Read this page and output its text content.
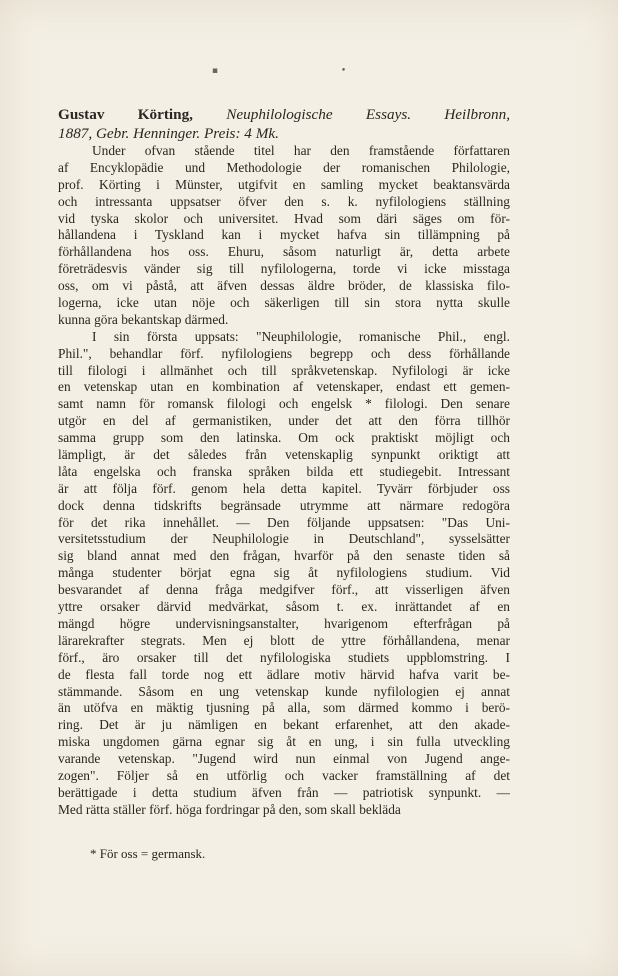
▪ •
Gustav Körting, Neuphilologische Essays. Heilbronn,
1887, Gebr. Henninger. Preis: 4 Mk.
Under ofvan stående titel har den framstående författaren
af Encyklopädie und Methodologie der romanischen Philologie,
prof. Körting i Münster, utgifvit en samling mycket beaktansvärda
och intressanta uppsatser öfver den s. k. nyfilologiens ställning
vid tyska skolor och universitet. Hvad som däri säges om för-
hållandena i Tyskland kan i mycket hafva sin tillämpning på
förhållandena hos oss. Ehuru, såsom naturligt är, detta arbete
företrädesvis vänder sig till nyfilologerna, torde vi icke misstaga
oss, om vi påstå, att äfven dessas äldre bröder, de klassiska filo-
logerna, icke utan nöje och säkerligen till sin stora nytta skulle
kunna göra bekantskap därmed.
I sin första uppsats: "Neuphilologie, romanische Phil., engl.
Phil.", behandlar förf. nyfilologiens begrepp och dess förhållande
till filologi i allmänhet och till språkvetenskap. Nyfilologi är icke
en vetenskap utan en kombination af vetenskaper, endast ett gemen-
samt namn för romansk filologi och engelsk * filologi. Den senare
utgör en del af germanistiken, under det att den förra tillhör
samma grupp som den latinska. Om ock praktiskt möjligt och
lämpligt, är det således från vetenskaplig synpunkt oriktigt att
låta engelska och franska språken bilda ett studiegebit. Intressant
är att följa förf. genom hela detta kapitel. Tyvärr förbjuder oss
dock denna tidskrifts begränsade utrymme att närmare redogöra
för det rika innehållet. — Den följande uppsatsen: "Das Uni-
versitetsstudium der Neuphilologie in Deutschland", sysselsätter
sig bland annat med den frågan, hvarför på den senaste tiden så
många studenter börjat egna sig åt nyfilologiens studium. Vid
besvarandet af denna fråga medgifver förf., att visserligen äfven
yttre orsaker därvid medvärkat, såsom t. ex. inrättandet af en
mängd högre undervisningsanstalter, hvarigenom efterfrågan på
lärarekrafter stegrats. Men ej blott de yttre förhållandena, menar
förf., äro orsaker till det nyfilologiska studiets uppblomstring. I
de flesta fall torde nog ett ädlare motiv härvid hafva varit be-
stämmande. Såsom en ung vetenskap kunde nyfilologien ej annat
än utöfva en mäktig tjusning på alla, som därmed kommo i berö-
ring. Det är ju nämligen en bekant erfarenhet, att den akade-
miska ungdomen gärna egnar sig åt en ung, i sin fulla utveckling
varande vetenskap. "Jugend wird nun einmal von Jugend ange-
zogen". Följer så en utförlig och vacker framställning af det
berättigade i detta studium äfven från — patriotisk synpunkt. —
Med rätta ställer förf. höga fordringar på den, som skall bekläda
* För oss = germansk.
